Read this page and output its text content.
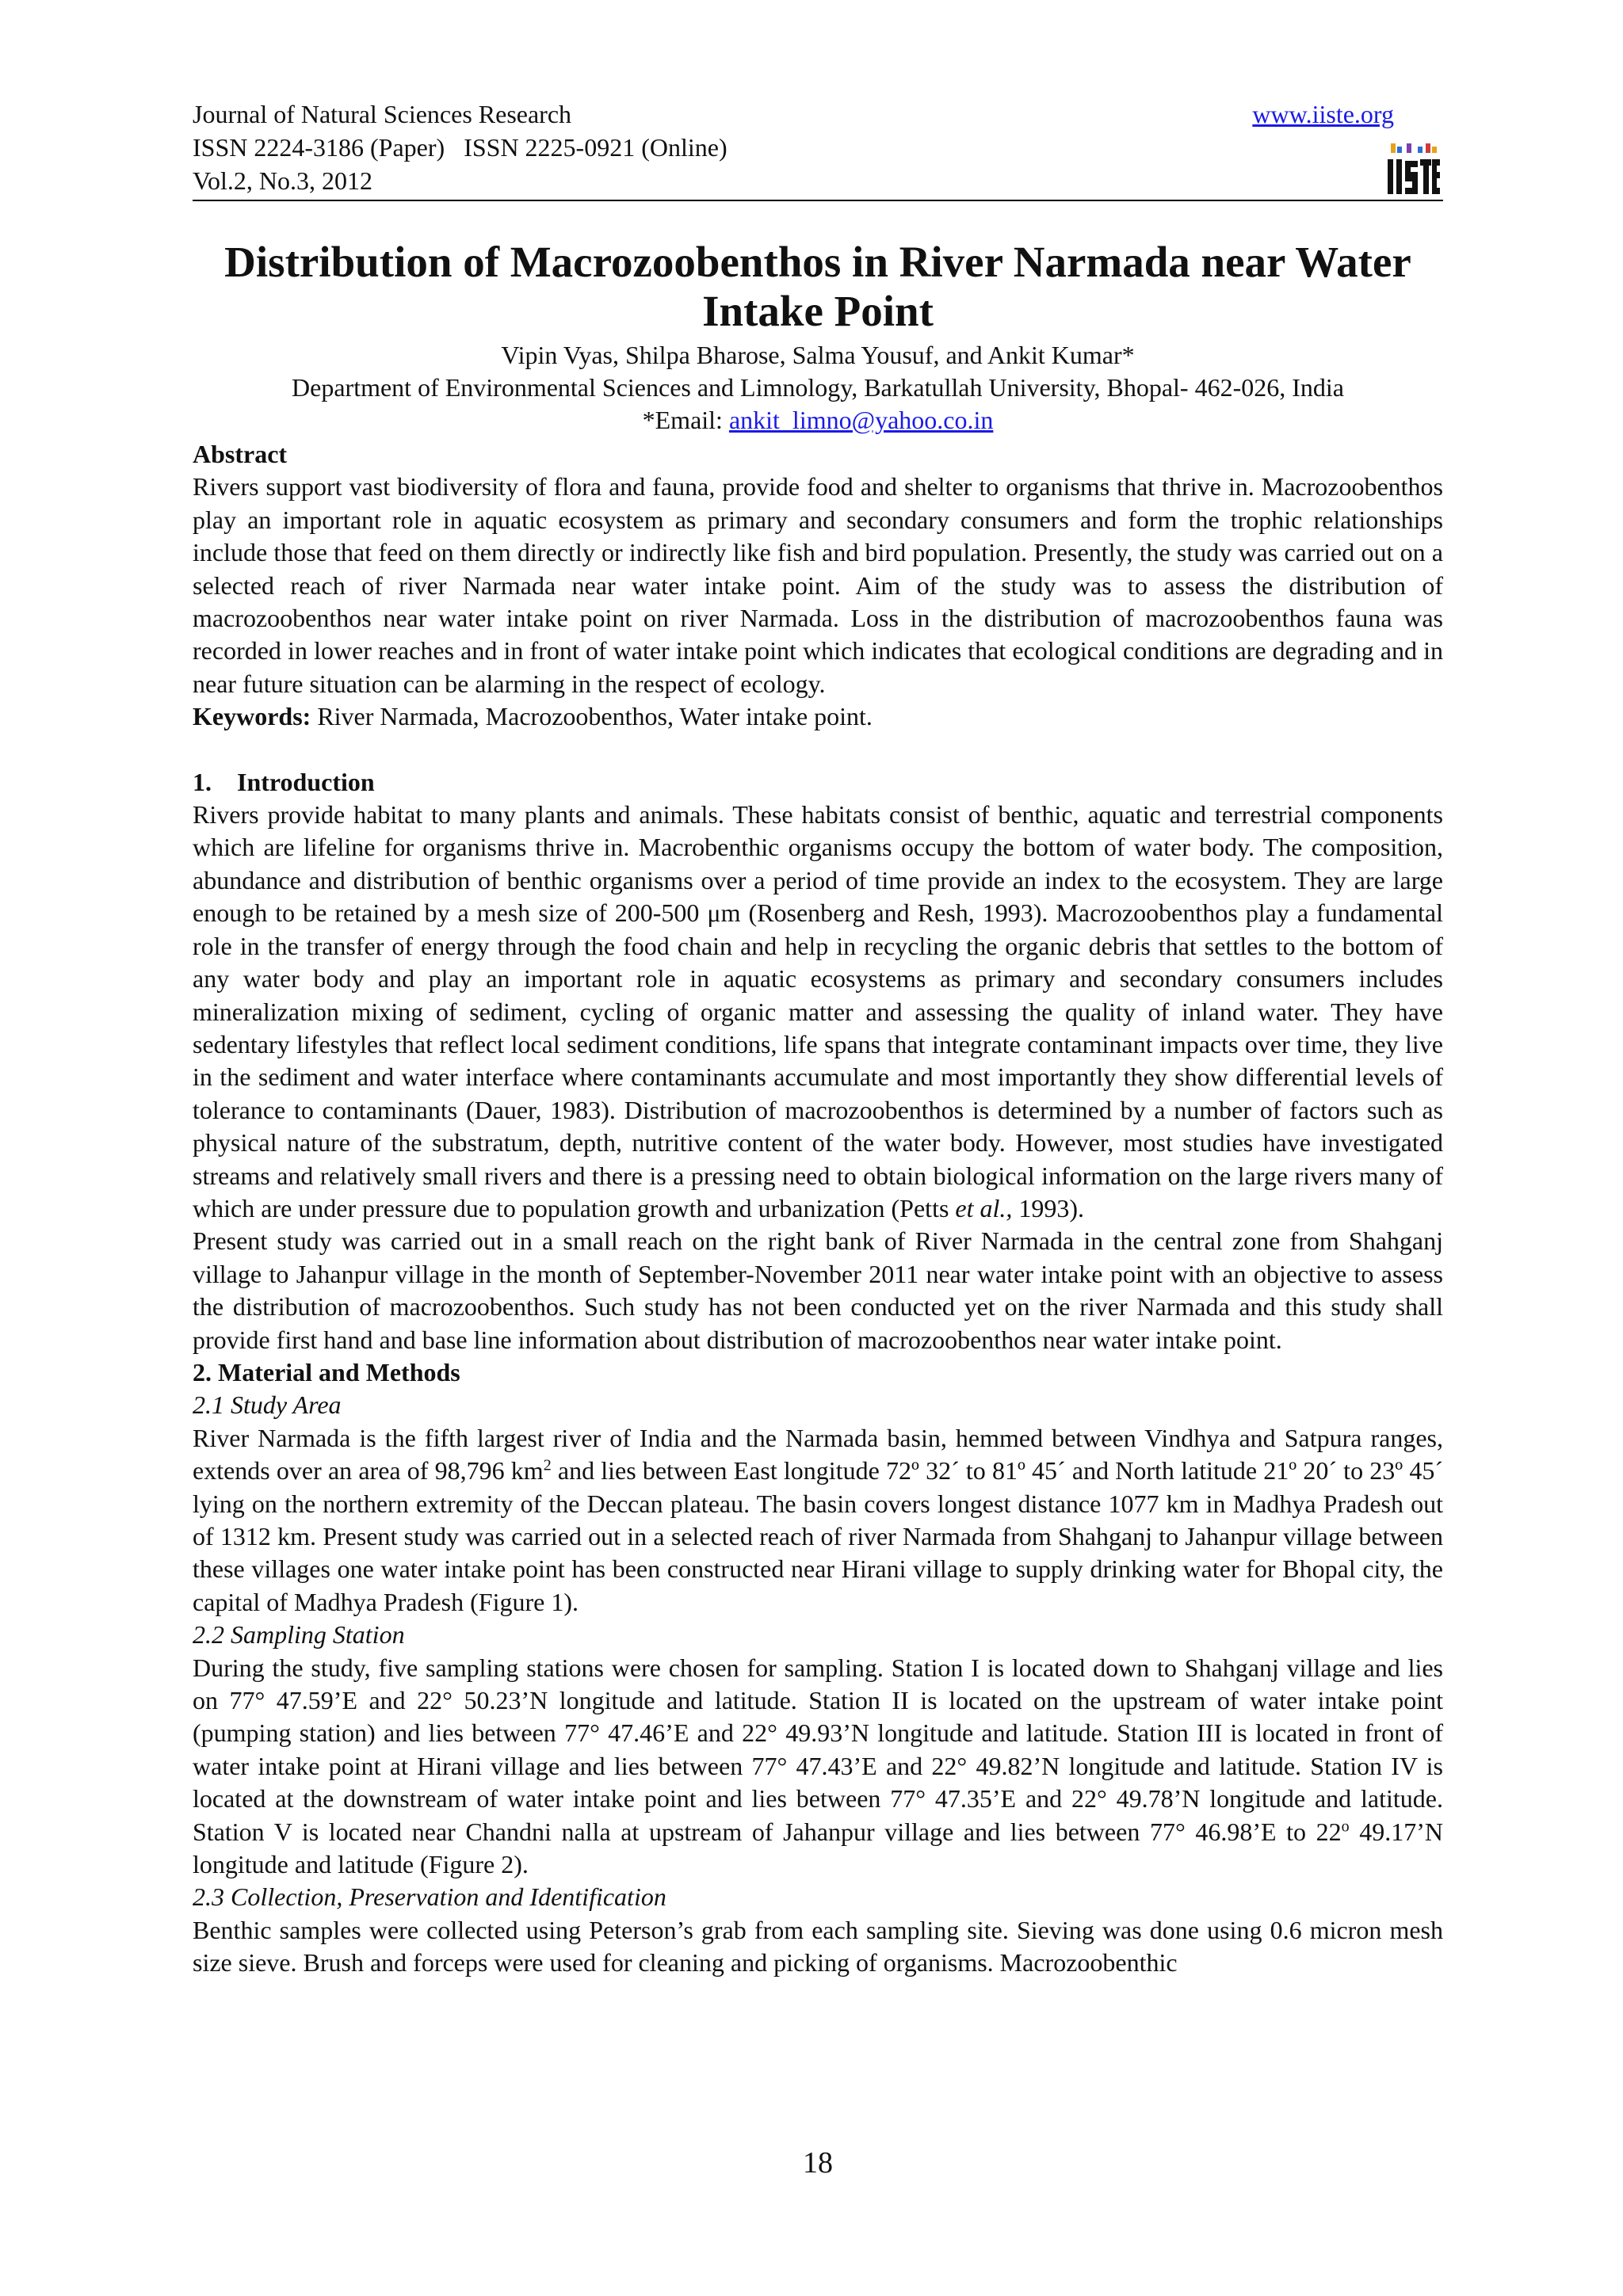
Journal of Natural Sciences Research
ISSN 2224-3186 (Paper)   ISSN 2225-0921 (Online)
Vol.2, No.3, 2012
www.iiste.org
Distribution of Macrozoobenthos in River Narmada near Water
Intake Point
Vipin Vyas, Shilpa Bharose, Salma Yousuf, and Ankit Kumar*
Department of Environmental Sciences and Limnology, Barkatullah University, Bhopal- 462-026, India
*Email: ankit_limno@yahoo.co.in
Abstract

Rivers support vast biodiversity of flora and fauna, provide food and shelter to organisms that thrive in. Macrozoobenthos play an important role in aquatic ecosystem as primary and secondary consumers and form the trophic relationships include those that feed on them directly or indirectly like fish and bird population. Presently, the study was carried out on a selected reach of river Narmada near water intake point. Aim of the study was to assess the distribution of macrozoobenthos near water intake point on river Narmada. Loss in the distribution of macrozoobenthos fauna was recorded in lower reaches and in front of water intake point which indicates that ecological conditions are degrading and in near future situation can be alarming in the respect of ecology.

Keywords: River Narmada, Macrozoobenthos, Water intake point.

1.    Introduction

Rivers provide habitat to many plants and animals. These habitats consist of benthic, aquatic and terrestrial components which are lifeline for organisms thrive in. Macrobenthic organisms occupy the bottom of water body. The composition, abundance and distribution of benthic organisms over a period of time provide an index to the ecosystem. They are large enough to be retained by a mesh size of 200-500 μm (Rosenberg and Resh, 1993). Macrozoobenthos play a fundamental role in the transfer of energy through the food chain and help in recycling the organic debris that settles to the bottom of any water body and play an important role in aquatic ecosystems as primary and secondary consumers includes mineralization mixing of sediment, cycling of organic matter and assessing the quality of inland water. They have sedentary lifestyles that reflect local sediment conditions, life spans that integrate contaminant impacts over time, they live in the sediment and water interface where contaminants accumulate and most importantly they show differential levels of tolerance to contaminants (Dauer, 1983). Distribution of macrozoobenthos is determined by a number of factors such as physical nature of the substratum, depth, nutritive content of the water body. However, most studies have investigated streams and relatively small rivers and there is a pressing need to obtain biological information on the large rivers many of which are under pressure due to population growth and urbanization (Petts et al., 1993).

Present study was carried out in a small reach on the right bank of River Narmada in the central zone from Shahganj village to Jahanpur village in the month of September-November 2011 near water intake point with an objective to assess the distribution of macrozoobenthos. Such study has not been conducted yet on the river Narmada and this study shall provide first hand and base line information about distribution of macrozoobenthos near water intake point.

2. Material and Methods
2.1 Study Area

River Narmada is the fifth largest river of India and the Narmada basin, hemmed between Vindhya and Satpura ranges, extends over an area of 98,796 $km^2$ and lies between East longitude 72º 32´ to 81º 45´ and North latitude 21º 20´ to 23º 45´ lying on the northern extremity of the Deccan plateau. The basin covers longest distance 1077 km in Madhya Pradesh out of 1312 km. Present study was carried out in a selected reach of river Narmada from Shahganj to Jahanpur village between these villages one water intake point has been constructed near Hirani village to supply drinking water for Bhopal city, the capital of Madhya Pradesh (Figure 1).

2.2 Sampling Station

During the study, five sampling stations were chosen for sampling. Station I is located down to Shahganj village and lies on 77° 47.59’E and 22° 50.23’N longitude and latitude. Station II is located on the upstream of water intake point (pumping station) and lies between 77° 47.46’E and 22° 49.93’N longitude and latitude. Station III is located in front of water intake point at Hirani village and lies between 77° 47.43’E and 22° 49.82’N longitude and latitude. Station IV is located at the downstream of water intake point and lies between 77° 47.35’E and 22° 49.78’N longitude and latitude. Station V is located near Chandni nalla at upstream of Jahanpur village and lies between 77° 46.98’E to 22$^o$ 49.17’N longitude and latitude (Figure 2).

2.3 Collection, Preservation and Identification

Benthic samples were collected using Peterson’s grab from each sampling site. Sieving was done using 0.6 micron mesh size sieve. Brush and forceps were used for cleaning and picking of organisms. Macrozoobenthic

18
